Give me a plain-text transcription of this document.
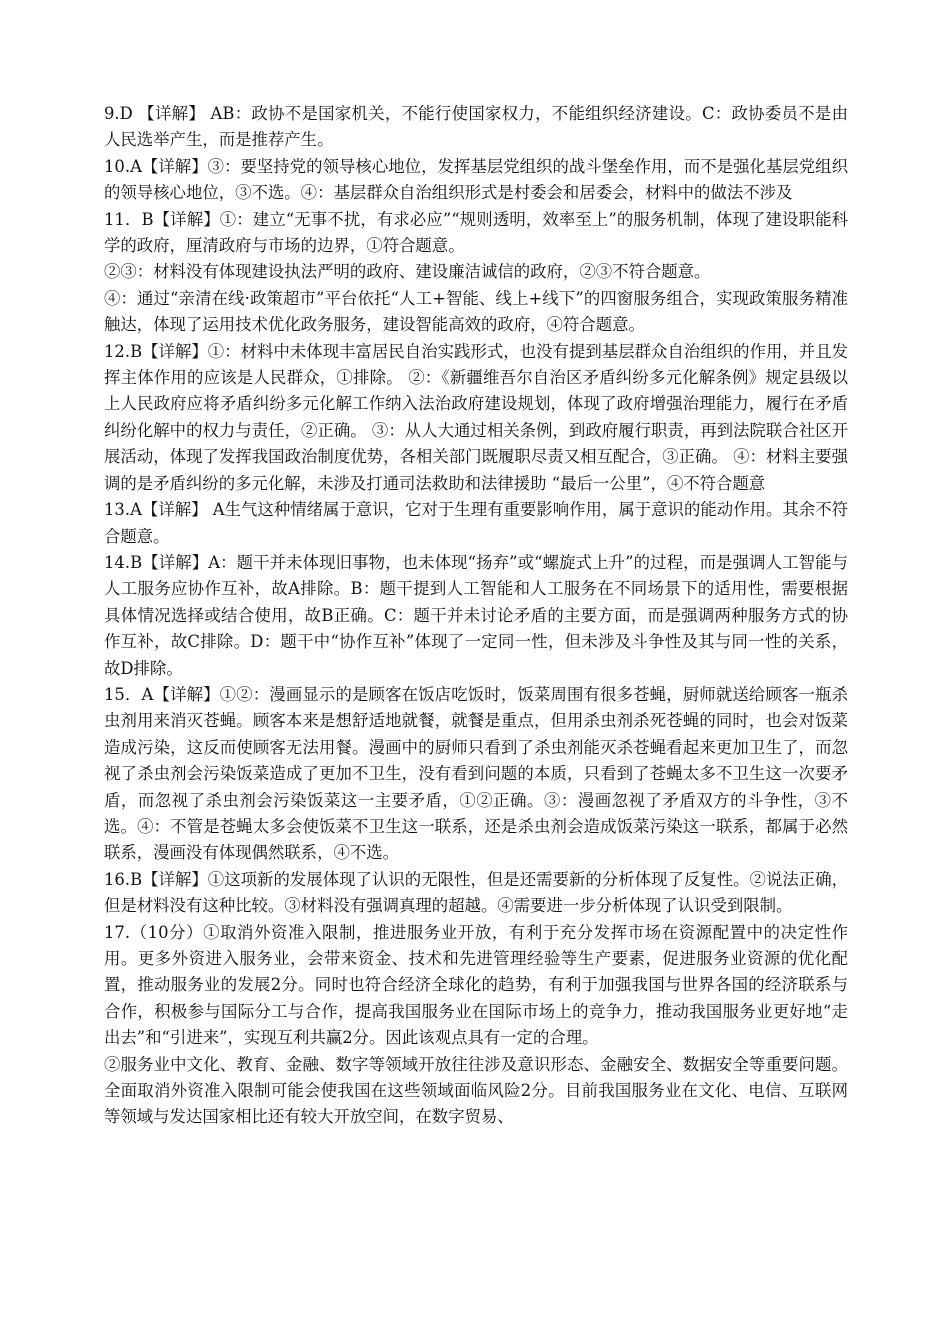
9.D 【详解】 AB：政协不是国家机关，不能行使国家权力，不能组织经济建设。C：政协委员不是由人民选举产生，而是推荐产生。

10.A【详解】③：要坚持党的领导核心地位，发挥基层党组织的战斗堡垒作用，而不是强化基层党组织的领导核心地位，③不选。④：基层群众自治组织形式是村委会和居委会，材料中的做法不涉及

11．B【详解】①：建立“无事不扰，有求必应”“规则透明，效率至上”的服务机制，体现了建设职能科学的政府，厘清政府与市场的边界，①符合题意。

②③：材料没有体现建设执法严明的政府、建设廉洁诚信的政府，②③不符合题意。

④：通过“亲清在线·政策超市”平台依托“人工+智能、线上+线下”的四窗服务组合，实现政策服务精准触达，体现了运用技术优化政务服务，建设智能高效的政府，④符合题意。

12.B【详解】①：材料中未体现丰富居民自治实践形式，也没有提到基层群众自治组织的作用，并且发挥主体作用的应该是人民群众，①排除。 ②：《新疆维吾尔自治区矛盾纠纷多元化解条例》规定县级以上人民政府应将矛盾纠纷多元化解工作纳入法治政府建设规划，体现了政府增强治理能力，履行在矛盾纠纷化解中的权力与责任，②正确。 ③：从人大通过相关条例，到政府履行职责，再到法院联合社区开展活动，体现了发挥我国政治制度优势，各相关部门既履职尽责又相互配合，③正确。 ④：材料主要强调的是矛盾纠纷的多元化解，未涉及打通司法救助和法律援助 “最后一公里”，④不符合题意

13.A【详解】 A生气这种情绪属于意识，它对于生理有重要影响作用，属于意识的能动作用。其余不符合题意。

14.B【详解】A：题干并未体现旧事物，也未体现“扬弃”或“螺旋式上升”的过程，而是强调人工智能与人工服务应协作互补，故A排除。B：题干提到人工智能和人工服务在不同场景下的适用性，需要根据具体情况选择或结合使用，故B正确。C：题干并未讨论矛盾的主要方面，而是强调两种服务方式的协作互补，故C排除。D：题干中“协作互补”体现了一定同一性，但未涉及斗争性及其与同一性的关系，故D排除。

15．A【详解】①②：漫画显示的是顾客在饭店吃饭时，饭菜周围有很多苍蝇，厨师就送给顾客一瓶杀虫剂用来消灭苍蝇。顾客本来是想舒适地就餐，就餐是重点，但用杀虫剂杀死苍蝇的同时，也会对饭菜造成污染，这反而使顾客无法用餐。漫画中的厨师只看到了杀虫剂能灭杀苍蝇看起来更加卫生了，而忽视了杀虫剂会污染饭菜造成了更加不卫生，没有看到问题的本质，只看到了苍蝇太多不卫生这一次要矛盾，而忽视了杀虫剂会污染饭菜这一主要矛盾，①②正确。③：漫画忽视了矛盾双方的斗争性，③不选。④：不管是苍蝇太多会使饭菜不卫生这一联系，还是杀虫剂会造成饭菜污染这一联系，都属于必然联系，漫画没有体现偶然联系，④不选。

16.B【详解】①这项新的发展体现了认识的无限性，但是还需要新的分析体现了反复性。②说法正确，但是材料没有这种比较。③材料没有强调真理的超越。④需要进一步分析体现了认识受到限制。

17.（10分）①取消外资准入限制，推进服务业开放，有利于充分发挥市场在资源配置中的决定性作用。更多外资进入服务业，会带来资金、技术和先进管理经验等生产要素，促进服务业资源的优化配置，推动服务业的发展2分。同时也符合经济全球化的趋势，有利于加强我国与世界各国的经济联系与合作，积极参与国际分工与合作，提高我国服务业在国际市场上的竞争力，推动我国服务业更好地“走出去”和“引进来”，实现互利共赢2分。因此该观点具有一定的合理。

②服务业中文化、教育、金融、数字等领域开放往往涉及意识形态、金融安全、数据安全等重要问题。全面取消外资准入限制可能会使我国在这些领域面临风险2分。目前我国服务业在文化、电信、互联网等领域与发达国家相比还有较大开放空间，在数字贸易、
